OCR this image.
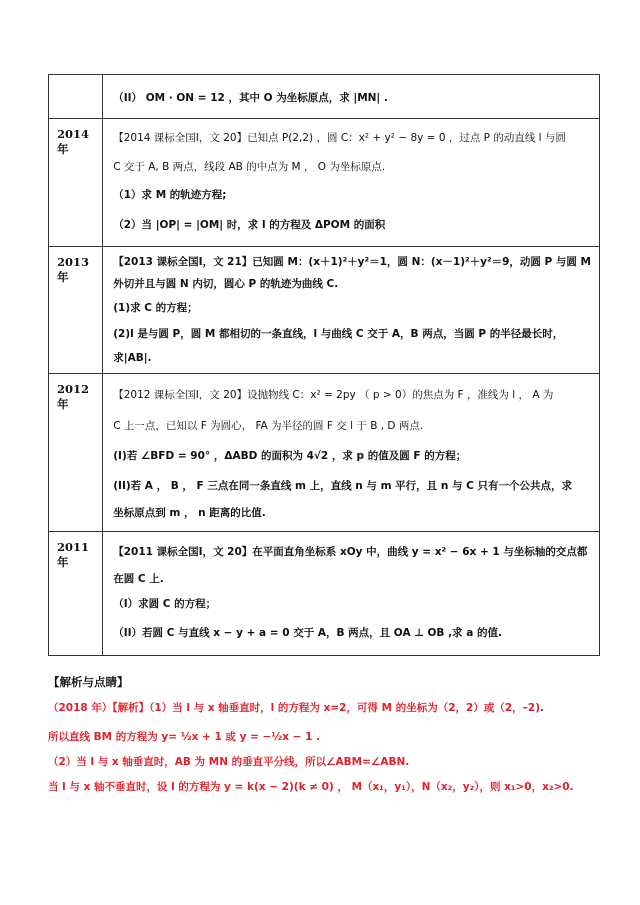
	（II） OM · ON = 12 ，其中 O 为坐标原点，求 |MN| .

2014 年	【2014 课标全国Ⅰ，文 20】已知点 P(2,2) ，圆 C：x² + y² − 8y = 0 ，过点 P 的动直线 l 与圆
C 交于 A, B 两点，线段 AB 的中点为 M ， O 为坐标原点.
（1）求 M 的轨迹方程;
（2）当 |OP| = |OM| 时，求 l 的方程及 ΔPOM 的面积

2013 年	【2013 课标全国Ⅰ，文 21】已知圆 M：(x＋1)²＋y²＝1，圆 N：(x－1)²＋y²＝9，动圆 P 与圆 M
外切并且与圆 N 内切，圆心 P 的轨迹为曲线 C.
(1)求 C 的方程；
(2)l 是与圆 P，圆 M 都相切的一条直线，l 与曲线 C 交于 A，B 两点，当圆 P 的半径最长时，
求|AB|.

2012 年	【2012 课标全国Ⅰ，文 20】设抛物线 C：x² = 2py （ p > 0）的焦点为 F ，准线为 l ， A 为
C 上一点，已知以 F 为圆心， FA 为半径的圆 F 交 l 于 B , D 两点.
(I)若 ∠BFD = 90° ，ΔABD 的面积为 4√2 ，求 p 的值及圆 F 的方程；
(II)若 A ， B ， F 三点在同一条直线 m 上，直线 n 与 m 平行，且 n 与 C 只有一个公共点，求
坐标原点到 m ， n 距离的比值.

2011 年	【2011 课标全国Ⅰ，文 20】在平面直角坐标系 xOy 中，曲线 y = x² − 6x + 1 与坐标轴的交点都
在圆 C 上.
（I）求圆 C 的方程；
（II）若圆 C 与直线 x − y + a = 0 交于 A，B 两点，且 OA ⊥ OB ,求 a 的值.
【解析与点睛】
（2018 年）【解析】（1）当 l 与 x 轴垂直时，l 的方程为 x=2，可得 M 的坐标为（2，2）或（2，–2).
所以直线 BM 的方程为 y= ½x + 1 或 y = −½x − 1 .
（2）当 l 与 x 轴垂直时，AB 为 MN 的垂直平分线，所以∠ABM=∠ABN.
当 l 与 x 轴不垂直时，设 l 的方程为 y = k(x − 2)(k ≠ 0) ， M（x₁，y₁），N（x₂，y₂），则 x₁>0，x₂>0.
